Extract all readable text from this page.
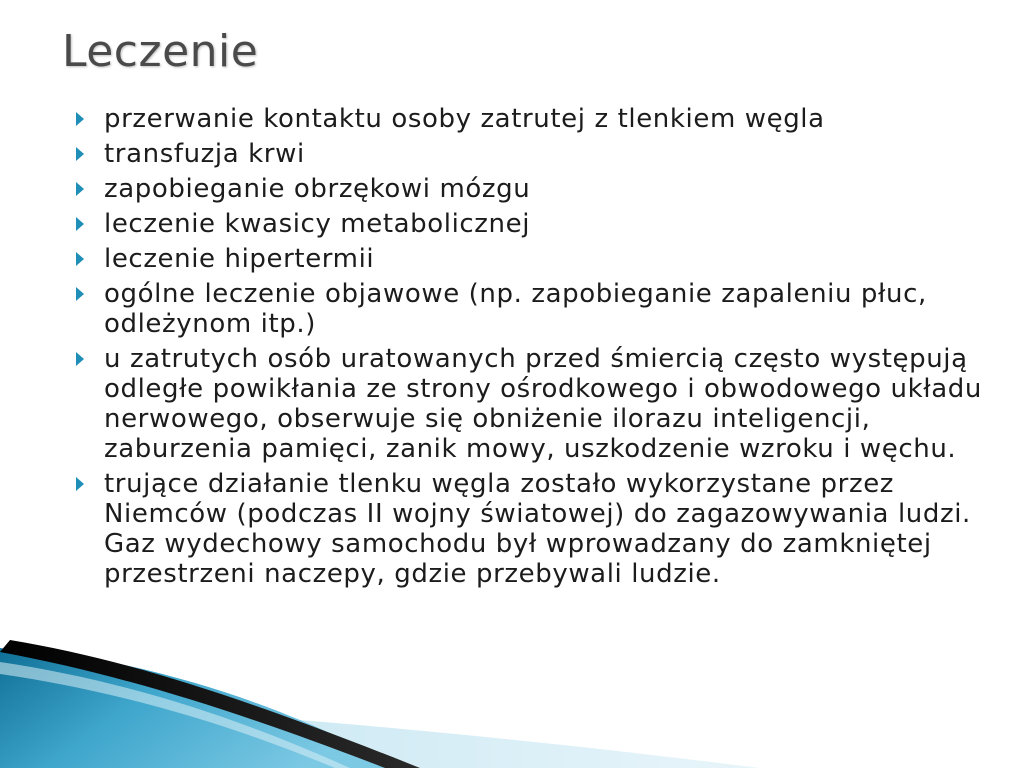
Leczenie
przerwanie kontaktu osoby zatrutej z tlenkiem węgla
transfuzja krwi
zapobieganie obrzękowi mózgu
leczenie kwasicy metabolicznej
leczenie hipertermii
ogólne leczenie objawowe (np. zapobieganie zapaleniu płuc, odleżynom itp.)
u zatrutych osób uratowanych przed śmiercią często występują odległe powikłania ze strony ośrodkowego i obwodowego układu nerwowego, obserwuje się obniżenie ilorazu inteligencji, zaburzenia pamięci, zanik mowy, uszkodzenie wzroku i węchu.
trujące działanie tlenku węgla zostało wykorzystane przez Niemców (podczas II wojny światowej) do zagazowywania ludzi. Gaz wydechowy samochodu był wprowadzany do zamkniętej przestrzeni naczepy, gdzie przebywali ludzie.
